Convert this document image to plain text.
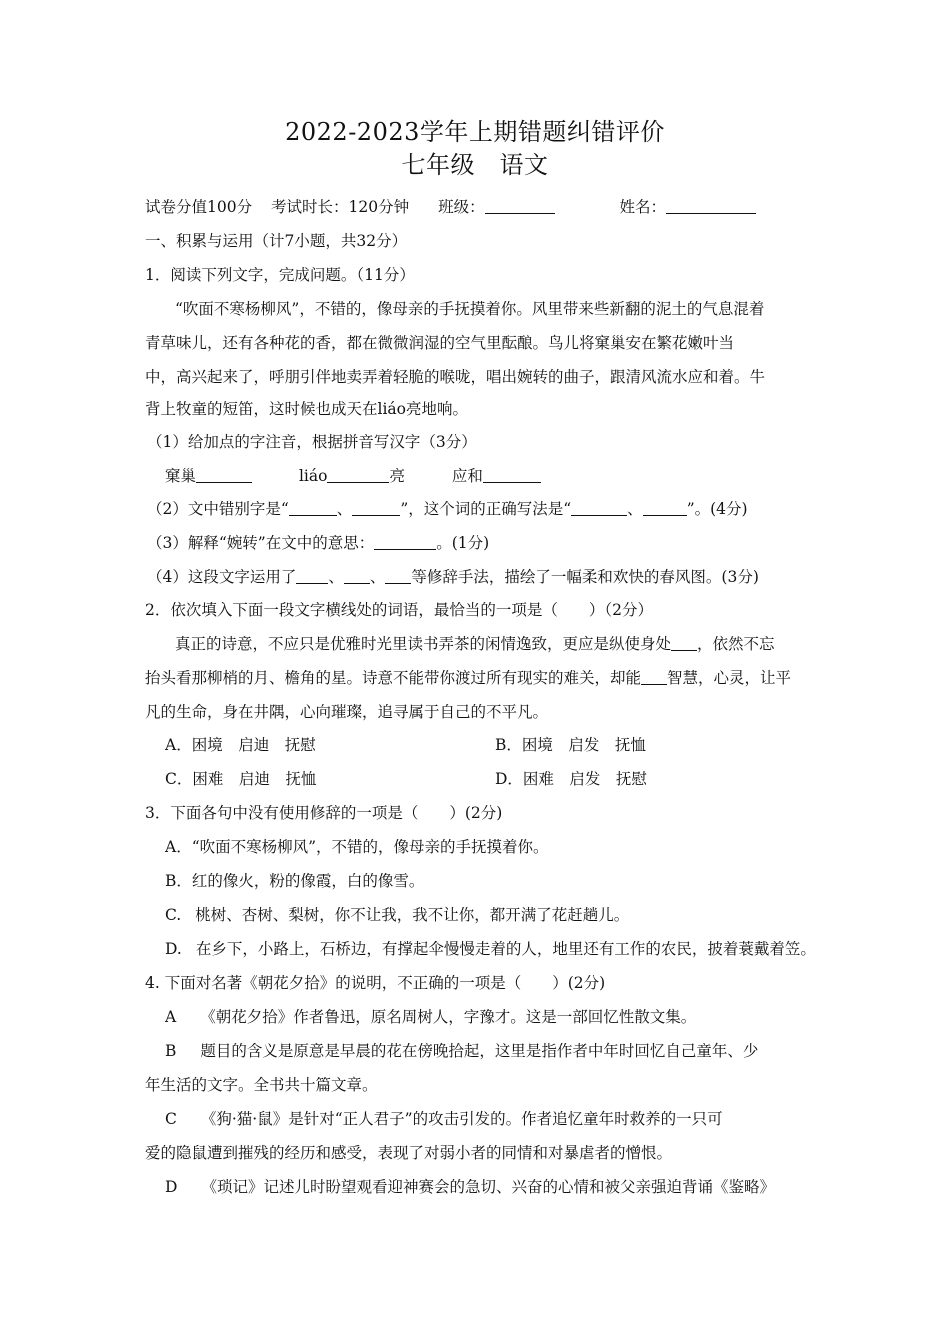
2022-2023学年上期错题纠错评价
七年级　语文
试卷分值100分 考试时长：120分钟 班级：	姓名：
一、积累与运用（计7小题，共32分）
1．阅读下列文字，完成问题。（11分）
“吹面不寒杨柳风”，不错的，像母亲的手抚摸着你。风里带来些新翻的泥土的气息混着
青草味儿，还有各种花的香，都在微微润湿的空气里酝酿。鸟儿将窠巢安在繁花嫩叶当
中，高兴起来了，呼朋引伴地卖弄着轻脆的喉咙，唱出婉转的曲子，跟清风流水应和着。牛
背上牧童的短笛，这时候也成天在liáo亮地响。
（1）给加点的字注音，根据拼音写汉字（3分）
窠巢	liáo	亮	应和
（2）文中错别字是“	、	”，这个词的正确写法是“	、	”。(4分)
（3）解释“婉转”在文中的意思：	。(1分)
（4）这段文字运用了 、 、 等修辞手法，描绘了一幅柔和欢快的春风图。(3分)
2．依次填入下面一段文字横线处的词语，最恰当的一项是（　　）（2分）
真正的诗意，不应只是优雅时光里读书弄茶的闲情逸致，更应是纵使身处 ，依然不忘
抬头看那柳梢的月、檐角的星。诗意不能带你渡过所有现实的难关，却能 智慧，心灵，让平
凡的生命，身在井隅，心向璀璨，追寻属于自己的不平凡。
A．困境　启迪　抚慰	B．困境　启发　抚恤
C．困难　启迪　抚恤	D．困难　启发　抚慰
3．下面各句中没有使用修辞的一项是（　　）(2分)
A．“吹面不寒杨柳风”，不错的，像母亲的手抚摸着你。
B．红的像火，粉的像霞，白的像雪。
C. 桃树、杏树、梨树，你不让我，我不让你，都开满了花赶趟儿。
D. 在乡下，小路上，石桥边，有撑起伞慢慢走着的人，地里还有工作的农民，披着蓑戴着笠。
4. 下面对名著《朝花夕拾》的说明，不正确的一项是（　　）(2分)
A 《朝花夕拾》作者鲁迅，原名周树人，字豫才。这是一部回忆性散文集。
B 题目的含义是原意是早晨的花在傍晚拾起，这里是指作者中年时回忆自己童年、少
年生活的文字。全书共十篇文章。
C 《狗·猫·鼠》是针对“正人君子”的攻击引发的。作者追忆童年时救养的一只可
爱的隐鼠遭到摧残的经历和感受，表现了对弱小者的同情和对暴虐者的憎恨。
D 《琐记》记述儿时盼望观看迎神赛会的急切、兴奋的心情和被父亲强迫背诵《鉴略》
